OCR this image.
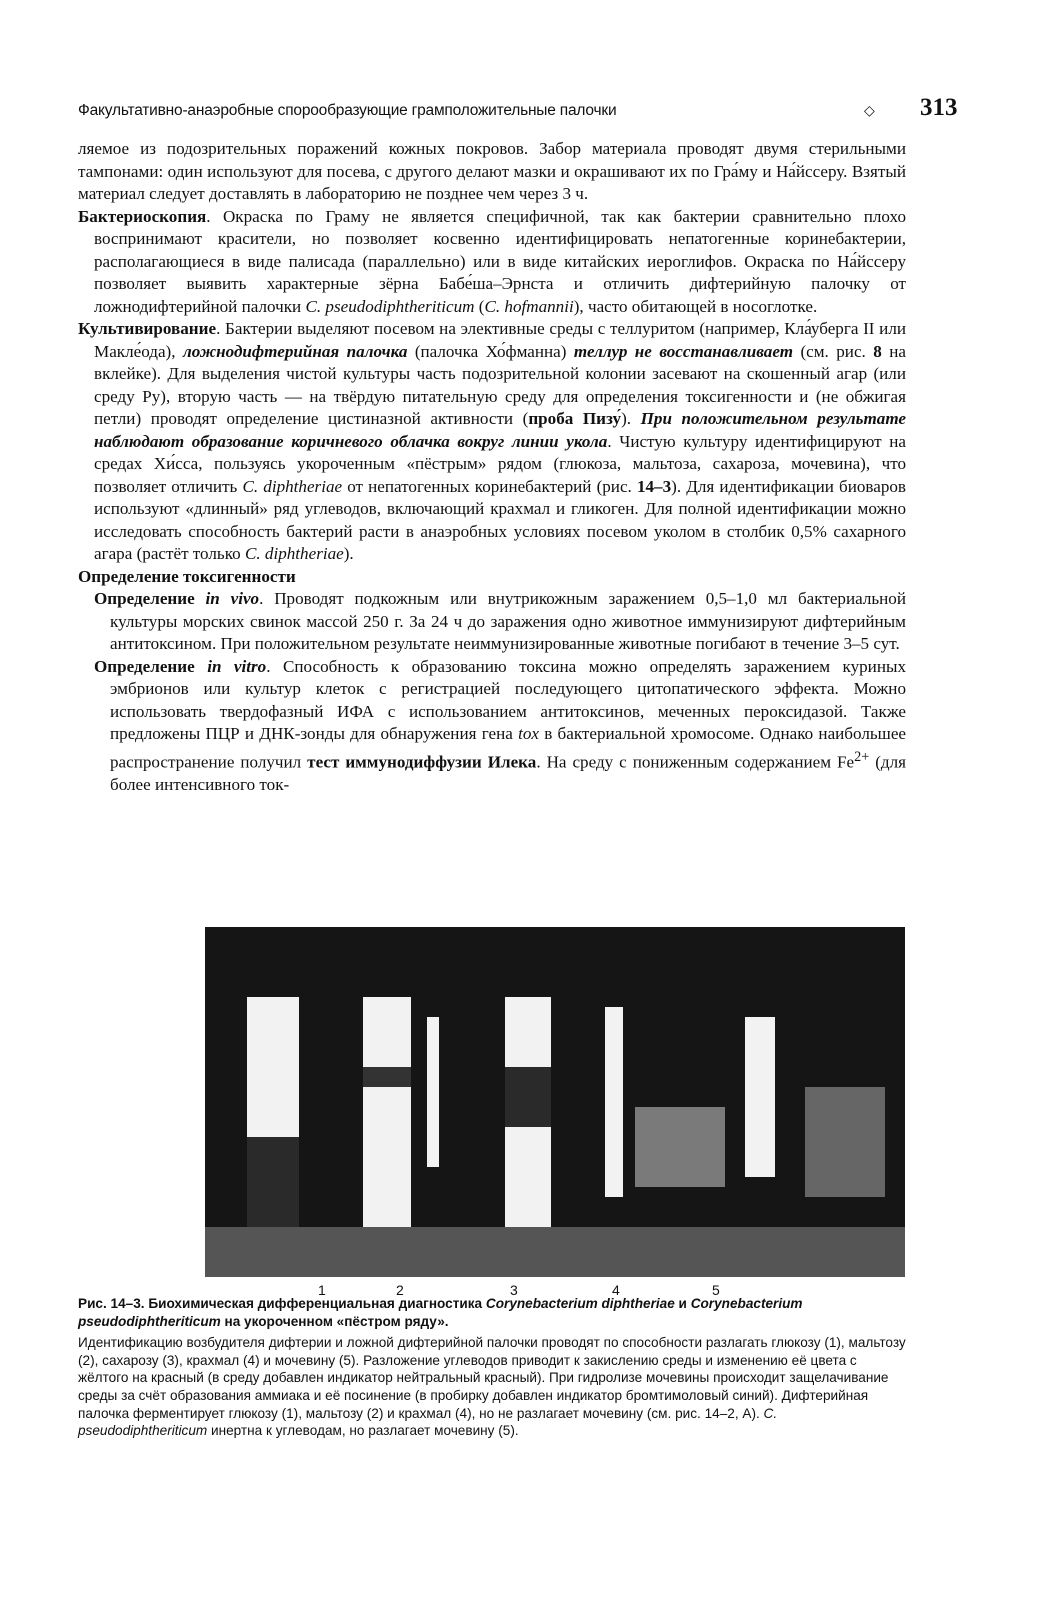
Факультативно-анаэробные спорообразующие грамположительные палочки	◇ 313

ляемое из подозрительных поражений кожных покровов. Забор материала проводят двумя стерильными тампонами: один используют для посева, с другого делают мазки и окрашивают их по Гра́му и На́йссеру. Взятый материал следует доставлять в лабораторию не позднее чем через 3 ч.

Бактериоскопия. Окраска по Граму не является специфичной, так как бактерии сравнительно плохо воспринимают красители, но позволяет косвенно идентифицировать непатогенные коринебактерии, располагающиеся в виде палисада (параллельно) или в виде китайских иероглифов. Окраска по На́йссеру позволяет выявить характерные зёрна Бабе́ша–Эрнста и отличить дифтерийную палочку от ложнодифтерийной палочки C. pseudodiphtheriticum (C. hofmannii), часто обитающей в носоглотке.

Культивирование. Бактерии выделяют посевом на элективные среды с теллуритом (например, Кла́уберга II или Макле́ода), ложнодифтерийная палочка (палочка Хо́фманна) теллур не восстанавливает (см. рис. 8 на вклейке). Для выделения чистой культуры часть подозрительной колонии засевают на скошенный агар (или среду Ру), вторую часть — на твёрдую питательную среду для определения токсигенности и (не обжигая петли) проводят определение цистиназной активности (проба Пизу́). При положительном результате наблюдают образование коричневого облачка вокруг линии укола. Чистую культуру идентифицируют на средах Хи́сса, пользуясь укороченным «пёстрым» рядом (глюкоза, мальтоза, сахароза, мочевина), что позволяет отличить C. diphtheriae от непатогенных коринебактерий (рис. 14–3). Для идентификации биоваров используют «длинный» ряд углеводов, включающий крахмал и гликоген. Для полной идентификации можно исследовать способность бактерий расти в анаэробных условиях посевом уколом в столбик 0,5% сахарного агара (растёт только C. diphtheriae).

Определение токсигенности

Определение in vivo. Проводят подкожным или внутрикожным заражением 0,5–1,0 мл бактериальной культуры морских свинок массой 250 г. За 24 ч до заражения одно животное иммунизируют дифтерийным антитоксином. При положительном результате неиммунизированные животные погибают в течение 3–5 сут.

Определение in vitro. Способность к образованию токсина можно определять заражением куриных эмбрионов или культур клеток с регистрацией последующего цитопатического эффекта. Можно использовать твердофазный ИФА с использованием антитоксинов, меченных пероксидазой. Также предложены ПЦР и ДНК-зонды для обнаружения гена tox в бактериальной хромосоме. Однако наибольшее распространение получил тест иммунодиффузии Илека. На среду с пониженным содержанием $Fe^{2+}$ (для более интенсивного ток-

1	2	3	4	5

Рис. 14–3. Биохимическая дифференциальная диагностика Corynebacterium diphtheriae и Corynebacterium pseudodiphtheriticum на укороченном «пёстром ряду».

Идентификацию возбудителя дифтерии и ложной дифтерийной палочки проводят по способности разлагать глюкозу (1), мальтозу (2), сахарозу (3), крахмал (4) и мочевину (5). Разложение углеводов приводит к закислению среды и изменению её цвета с жёлтого на красный (в среду добавлен индикатор нейтральный красный). При гидролизе мочевины происходит защелачивание среды за счёт образования аммиака и её посинение (в пробирку добавлен индикатор бромтимоловый синий). Дифтерийная палочка ферментирует глюкозу (1), мальтозу (2) и крахмал (4), но не разлагает мочевину (см. рис. 14–2, А). C. pseudodiphtheriticum инертна к углеводам, но разлагает мочевину (5).
